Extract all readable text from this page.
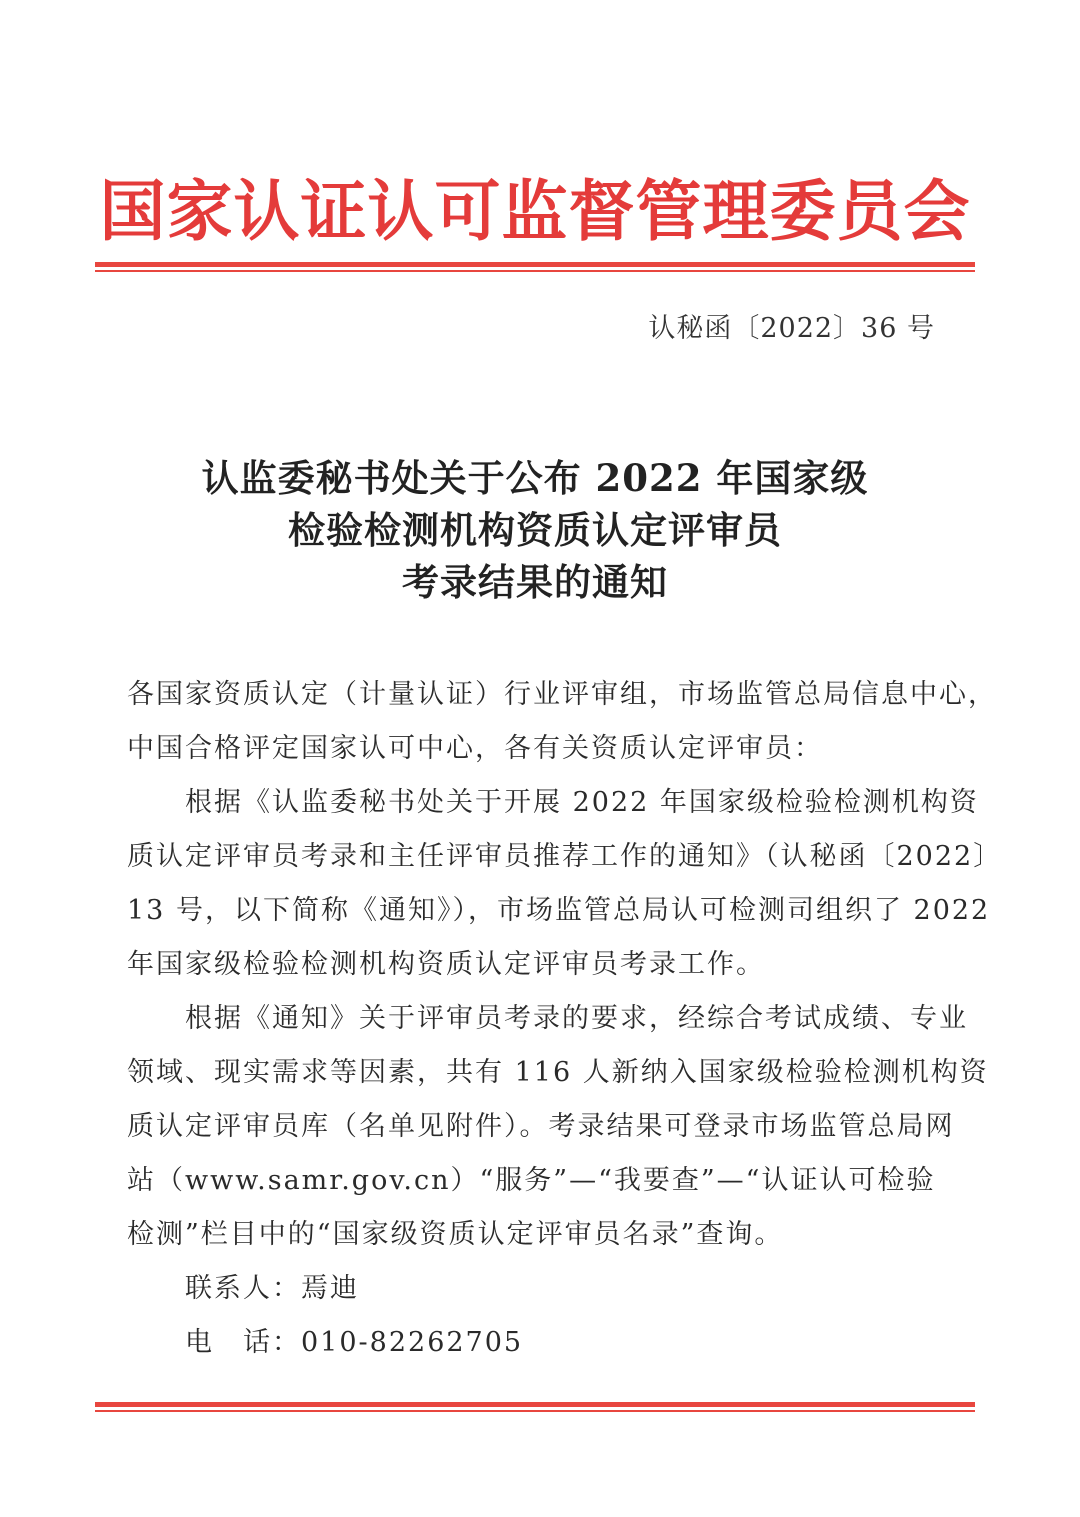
国家认证认可监督管理委员会
认秘函〔2022〕36 号
认监委秘书处关于公布 2022 年国家级
检验检测机构资质认定评审员
考录结果的通知
各国家资质认定（计量认证）行业评审组，市场监管总局信息中心，
中国合格评定国家认可中心，各有关资质认定评审员：
根据《认监委秘书处关于开展 2022 年国家级检验检测机构资
质认定评审员考录和主任评审员推荐工作的通知》（认秘函〔2022〕
13 号，以下简称《通知》），市场监管总局认可检测司组织了 2022
年国家级检验检测机构资质认定评审员考录工作。
根据《通知》关于评审员考录的要求，经综合考试成绩、专业
领域、现实需求等因素，共有 116 人新纳入国家级检验检测机构资
质认定评审员库（名单见附件）。考录结果可登录市场监管总局网
站（www.samr.gov.cn）“服务”—“我要查”—“认证认可检验
检测”栏目中的“国家级资质认定评审员名录”查询。
联系人：焉迪
电　话：010-82262705
